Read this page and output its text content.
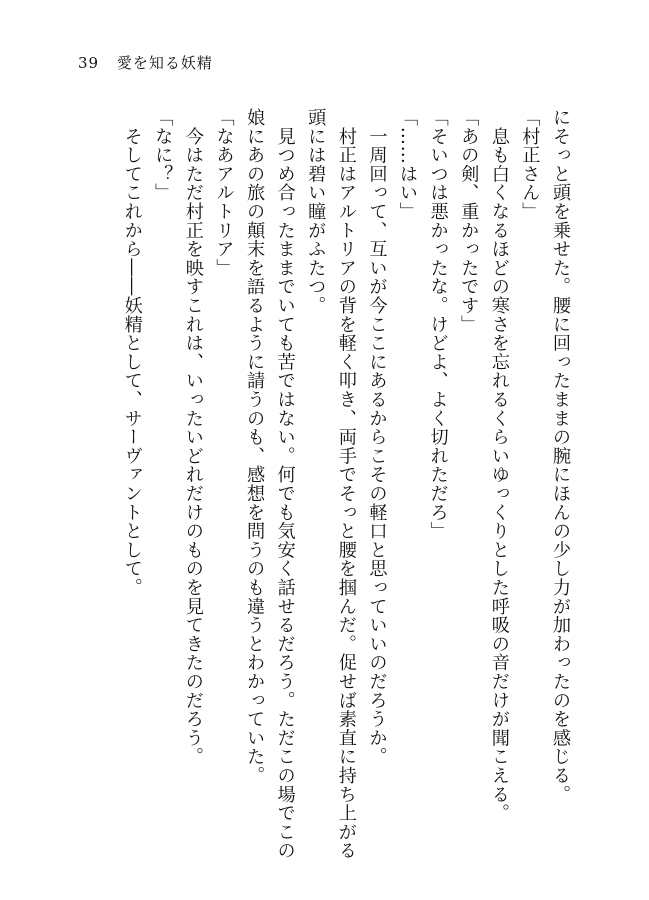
39 愛を知る妖精
にそっと頭を乗せた。腰に回ったままの腕にほんの少し力が加わったのを感じる。
「村正さん」
　息も白くなるほどの寒さを忘れるくらいゆっくりとした呼吸の音だけが聞こえる。
「あの剣、重かったです」
「そいつは悪かったな。けどよ、よく切れただろ」
「……はい」
　一周回って、互いが今ここにあるからこその軽口と思っていいのだろうか。
　村正はアルトリアの背を軽く叩き、両手でそっと腰を掴んだ。促せば素直に持ち上がる
頭には碧い瞳がふたつ。
　見つめ合ったままでいても苦ではない。何でも気安く話せるだろう。ただこの場でこの
娘にあの旅の顛末を語るように請うのも、感想を問うのも違うとわかっていた。
「なあアルトリア」
　今はただ村正を映すこれは、いったいどれだけのものを見てきたのだろう。
「なに？」
　そしてこれから――妖精として、サーヴァントとして。
